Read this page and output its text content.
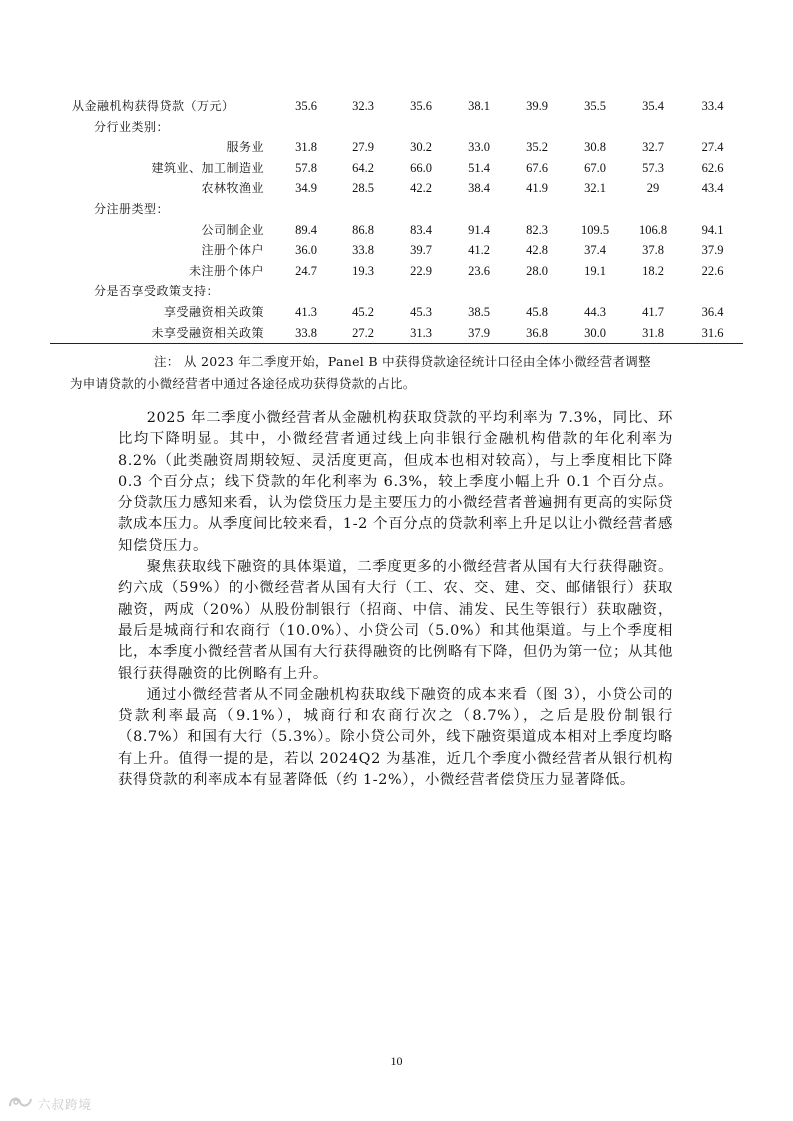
从金融机构获得贷款（万元）	35.6	32.3	35.6	38.1	39.9	35.5	35.4	33.4
分行业类别：								
服务业	31.8	27.9	30.2	33.0	35.2	30.8	32.7	27.4
建筑业、加工制造业	57.8	64.2	66.0	51.4	67.6	67.0	57.3	62.6
农林牧渔业	34.9	28.5	42.2	38.4	41.9	32.1	29	43.4
分注册类型：								
公司制企业	89.4	86.8	83.4	91.4	82.3	109.5	106.8	94.1
注册个体户	36.0	33.8	39.7	41.2	42.8	37.4	37.8	37.9
未注册个体户	24.7	19.3	22.9	23.6	28.0	19.1	18.2	22.6
分是否享受政策支持：								
享受融资相关政策	41.3	45.2	45.3	38.5	45.8	44.3	41.7	36.4
未享受融资相关政策	33.8	27.2	31.3	37.9	36.8	30.0	31.8	31.6

注： 从 2023 年二季度开始，Panel B 中获得贷款途径统计口径由全体小微经营者调整

为申请贷款的小微经营者中通过各途径成功获得贷款的占比。

2025 年二季度小微经营者从金融机构获取贷款的平均利率为 7.3%，同比、环比均下降明显。其中，小微经营者通过线上向非银行金融机构借款的年化利率为 8.2%（此类融资周期较短、灵活度更高，但成本也相对较高），与上季度相比下降 0.3 个百分点；线下贷款的年化利率为 6.3%，较上季度小幅上升 0.1 个百分点。分贷款压力感知来看，认为偿贷压力是主要压力的小微经营者普遍拥有更高的实际贷款成本压力。从季度间比较来看，1-2 个百分点的贷款利率上升足以让小微经营者感知偿贷压力。

聚焦获取线下融资的具体渠道，二季度更多的小微经营者从国有大行获得融资。约六成（59%）的小微经营者从国有大行（工、农、交、建、交、邮储银行）获取融资，两成（20%）从股份制银行（招商、中信、浦发、民生等银行）获取融资，最后是城商行和农商行（10.0%）、小贷公司（5.0%）和其他渠道。与上个季度相比，本季度小微经营者从国有大行获得融资的比例略有下降，但仍为第一位；从其他银行获得融资的比例略有上升。

通过小微经营者从不同金融机构获取线下融资的成本来看（图 3），小贷公司的贷款利率最高（9.1%），城商行和农商行次之（8.7%），之后是股份制银行（8.7%）和国有大行（5.3%）。除小贷公司外，线下融资渠道成本相对上季度均略有上升。值得一提的是，若以 2024Q2 为基准，近几个季度小微经营者从银行机构获得贷款的利率成本有显著降低（约 1-2%），小微经营者偿贷压力显著降低。

10
六叔跨境
